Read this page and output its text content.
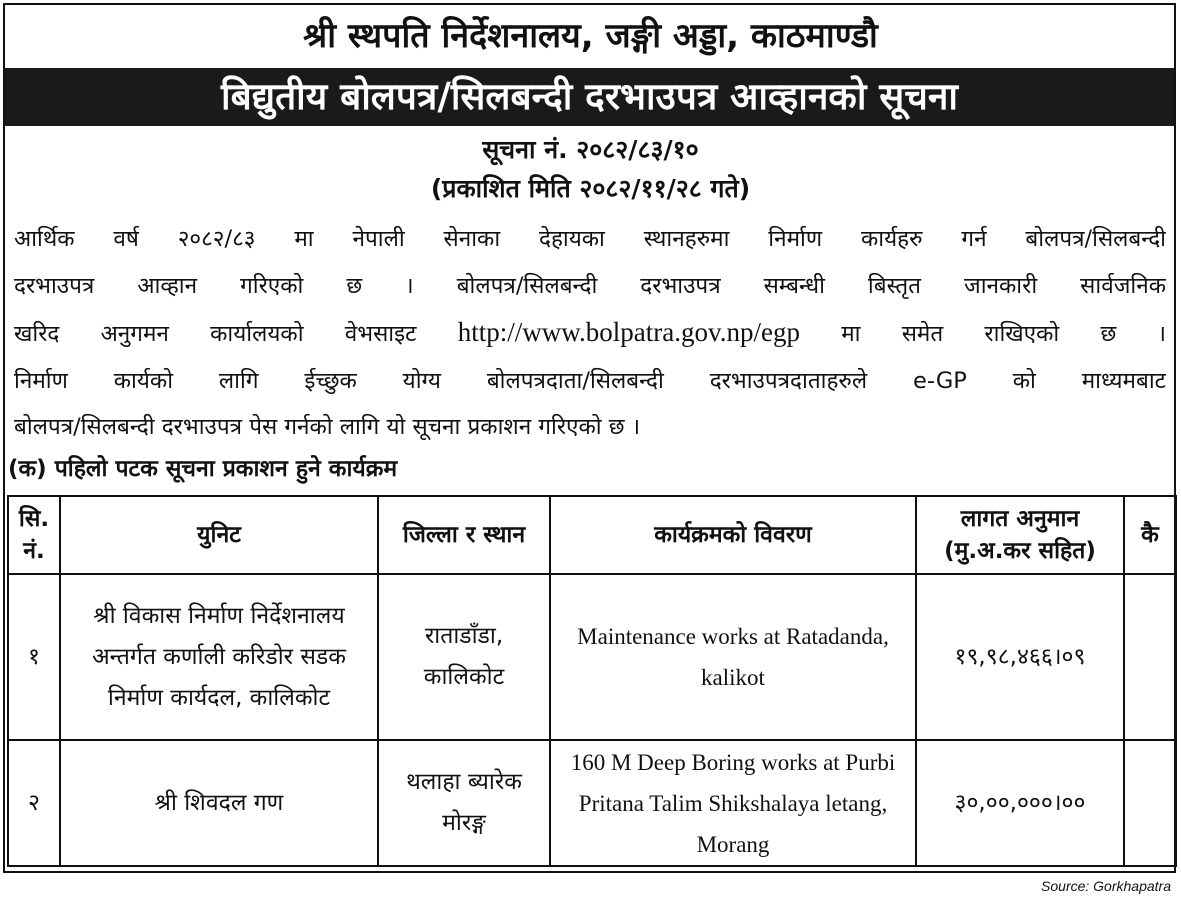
श्री स्थपति निर्देशनालय, जङ्गी अड्डा, काठमाण्डौ
बिद्युतीय बोलपत्र/सिलबन्दी दरभाउपत्र आव्हानको सूचना
सूचना नं. २०८२/८३/१०
(प्रकाशित मिति २०८२/११/२८ गते)
आर्थिक वर्ष २०८२/८३ मा नेपाली सेनाका देहायका स्थानहरुमा निर्माण कार्यहरु गर्न बोलपत्र/सिलबन्दी
दरभाउपत्र आव्हान गरिएको छ । बोलपत्र/सिलबन्दी दरभाउपत्र सम्बन्धी बिस्तृत जानकारी सार्वजनिक
खरिद अनुगमन कार्यालयको वेभसाइट http://www.bolpatra.gov.np/egp मा समेत राखिएको छ ।
निर्माण कार्यको लागि ईच्छुक योग्य बोलपत्रदाता/सिलबन्दी दरभाउपत्रदाताहरुले e-GP को माध्यमबाट
बोलपत्र/सिलबन्दी दरभाउपत्र पेस गर्नको लागि यो सूचना प्रकाशन गरिएको छ ।
(क) पहिलो पटक सूचना प्रकाशन हुने कार्यक्रम
सि. नं.	युनिट	जिल्ला र स्थान	कार्यक्रमको विवरण	लागत अनुमान (मु.अ.कर सहित)	कै
१	श्री विकास निर्माण निर्देशनालय अन्तर्गत कर्णाली करिडोर सडक निर्माण कार्यदल, कालिकोट	राताडाँडा, कालिकोट	Maintenance works at Ratadanda, kalikot	१९,९८,४६६।०९	
२	श्री शिवदल गण	थलाहा ब्यारेक मोरङ्ग	160 M Deep Boring works at Purbi Pritana Talim Shikshalaya letang, Morang	३०,००,०००।००	
Source: Gorkhapatra
